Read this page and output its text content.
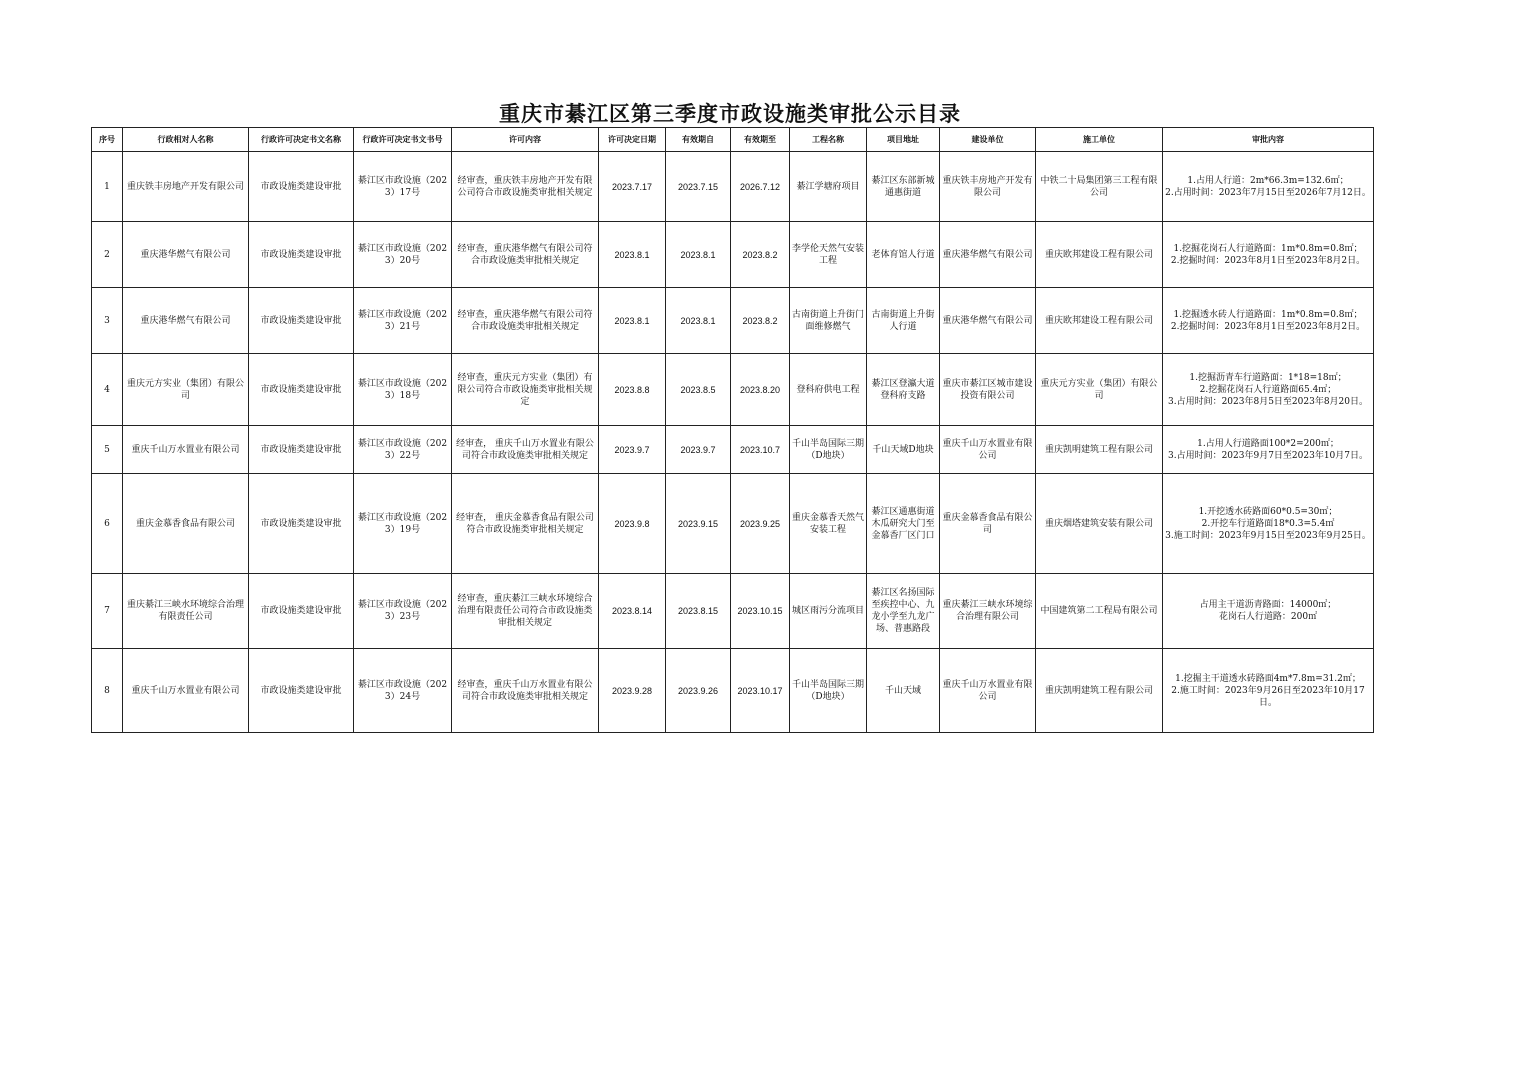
重庆市綦江区第三季度市政设施类审批公示目录
序号	行政相对人名称	行政许可决定书文名称	行政许可决定书文书号	许可内容	许可决定日期	有效期自	有效期至	工程名称	项目地址	建设单位	施工单位	审批内容
1	重庆铁丰房地产开发有限公司	市政设施类建设审批	綦江区市政设施（2023）17号	经审查，重庆铁丰房地产开发有限公司符合市政设施类审批相关规定	2023.7.17	2023.7.15	2026.7.12	綦江学塘府项目	綦江区东部新城通惠街道	重庆铁丰房地产开发有限公司	中铁二十局集团第三工程有限公司	1.占用人行道：2m*66.3m=132.6㎡；
2.占用时间：2023年7月15日至2026年7月12日。

2	重庆港华燃气有限公司	市政设施类建设审批	綦江区市政设施（2023）20号	经审查，重庆港华燃气有限公司符合市政设施类审批相关规定	2023.8.1	2023.8.1	2023.8.2	李学伦天然气安装工程	老体育馆人行道	重庆港华燃气有限公司	重庆欧邦建设工程有限公司	1.挖掘花岗石人行道路面：1m*0.8m=0.8㎡；
2.挖掘时间：2023年8月1日至2023年8月2日。

3	重庆港华燃气有限公司	市政设施类建设审批	綦江区市政设施（2023）21号	经审查，重庆港华燃气有限公司符合市政设施类审批相关规定	2023.8.1	2023.8.1	2023.8.2	古南街道上升街门面维修燃气	古南街道上升街人行道	重庆港华燃气有限公司	重庆欧邦建设工程有限公司	1.挖掘透水砖人行道路面：1m*0.8m=0.8㎡；
2.挖掘时间：2023年8月1日至2023年8月2日。

4	重庆元方实业（集团）有限公司	市政设施类建设审批	綦江区市政设施（2023）18号	经审查，重庆元方实业（集团）有限公司符合市政设施类审批相关规定	2023.8.8	2023.8.5	2023.8.20	登科府供电工程	綦江区登瀛大道登科府支路	重庆市綦江区城市建设投资有限公司	重庆元方实业（集团）有限公司	1.挖掘沥青车行道路面：1*18=18㎡；
2.挖掘花岗石人行道路面65.4㎡；
3.占用时间：2023年8月5日至2023年8月20日。

5	重庆千山万水置业有限公司	市政设施类建设审批	綦江区市政设施（2023）22号	经审查， 重庆千山万水置业有限公司符合市政设施类审批相关规定	2023.9.7	2023.9.7	2023.10.7	千山半岛国际三期（D地块）	千山天域D地块	重庆千山万水置业有限公司	重庆凯明建筑工程有限公司	1.占用人行道路面100*2=200㎡；
3.占用时间：2023年9月7日至2023年10月7日。

6	重庆金慕香食品有限公司	市政设施类建设审批	綦江区市政设施（2023）19号	经审查， 重庆金慕香食品有限公司符合市政设施类审批相关规定	2023.9.8	2023.9.15	2023.9.25	重庆金慕香天然气安装工程	綦江区通惠街道木瓜研究大门至金慕香厂区门口	重庆金慕香食品有限公司	重庆烟塔建筑安装有限公司	1.开挖透水砖路面60*0.5=30㎡；
2.开挖车行道路面18*0.3=5.4㎡
3.施工时间：2023年9月15日至2023年9月25日。

7	重庆綦江三峡水环境综合治理有限责任公司	市政设施类建设审批	綦江区市政设施（2023）23号	经审查，重庆綦江三峡水环境综合治理有限责任公司符合市政设施类审批相关规定	2023.8.14	2023.8.15	2023.10.15	城区雨污分流项目	綦江区名扬国际至疾控中心、九龙小学至九龙广场、普惠路段	重庆綦江三峡水环境综合治理有限公司	中国建筑第二工程局有限公司	占用主干道沥青路面：14000㎡；
花岗石人行道路：200㎡

8	重庆千山万水置业有限公司	市政设施类建设审批	綦江区市政设施（2023）24号	经审查，重庆千山万水置业有限公司符合市政设施类审批相关规定	2023.9.28	2023.9.26	2023.10.17	千山半岛国际三期（D地块）	千山天域	重庆千山万水置业有限公司	重庆凯明建筑工程有限公司	1.挖掘主干道透水砖路面4m*7.8m=31.2㎡；
2.施工时间：2023年9月26日至2023年10月17日。
